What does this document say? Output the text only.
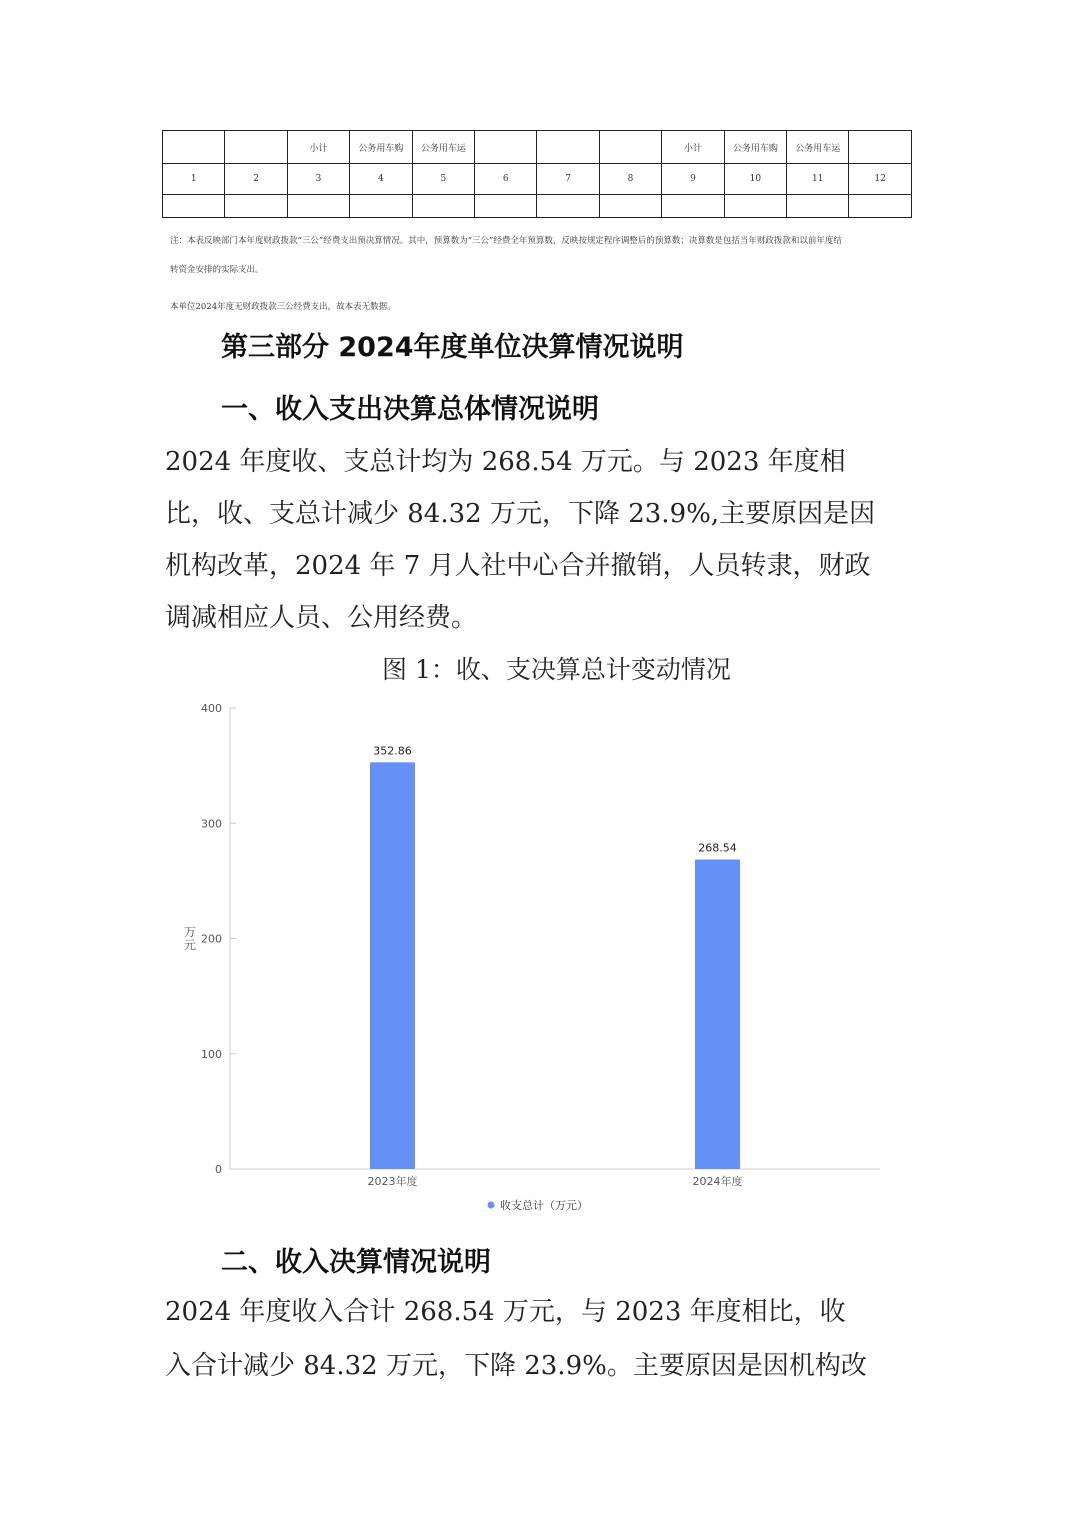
		小计	公务用车购	公务用车运				小计	公务用车购	公务用车运	
1	2	3	4	5	6	7	8	9	10	11	12

注：本表反映部门本年度财政拨款“三公”经费支出预决算情况。其中，预算数为“三公”经费全年预算数，反映按规定程序调整后的预算数；决算数是包括当年财政拨款和以前年度结
转资金安排的实际支出。
本单位2024年度无财政拨款三公经费支出，故本表无数据。
第三部分 2024年度单位决算情况说明
一、收入支出决算总体情况说明
2024 年度收、支总计均为 268.54 万元。与 2023 年度相
比，收、支总计减少 84.32 万元，下降 23.9%,主要原因是因
机构改革，2024 年 7 月人社中心合并撤销，人员转隶，财政
调减相应人员、公用经费。
图 1：收、支决算总计变动情况
0
100
200
300
400
352.86
268.54
2023年度	2024年度
万元
收支总计（万元）
二、收入决算情况说明
2024 年度收入合计 268.54 万元，与 2023 年度相比，收
入合计减少 84.32 万元，下降 23.9%。主要原因是因机构改
